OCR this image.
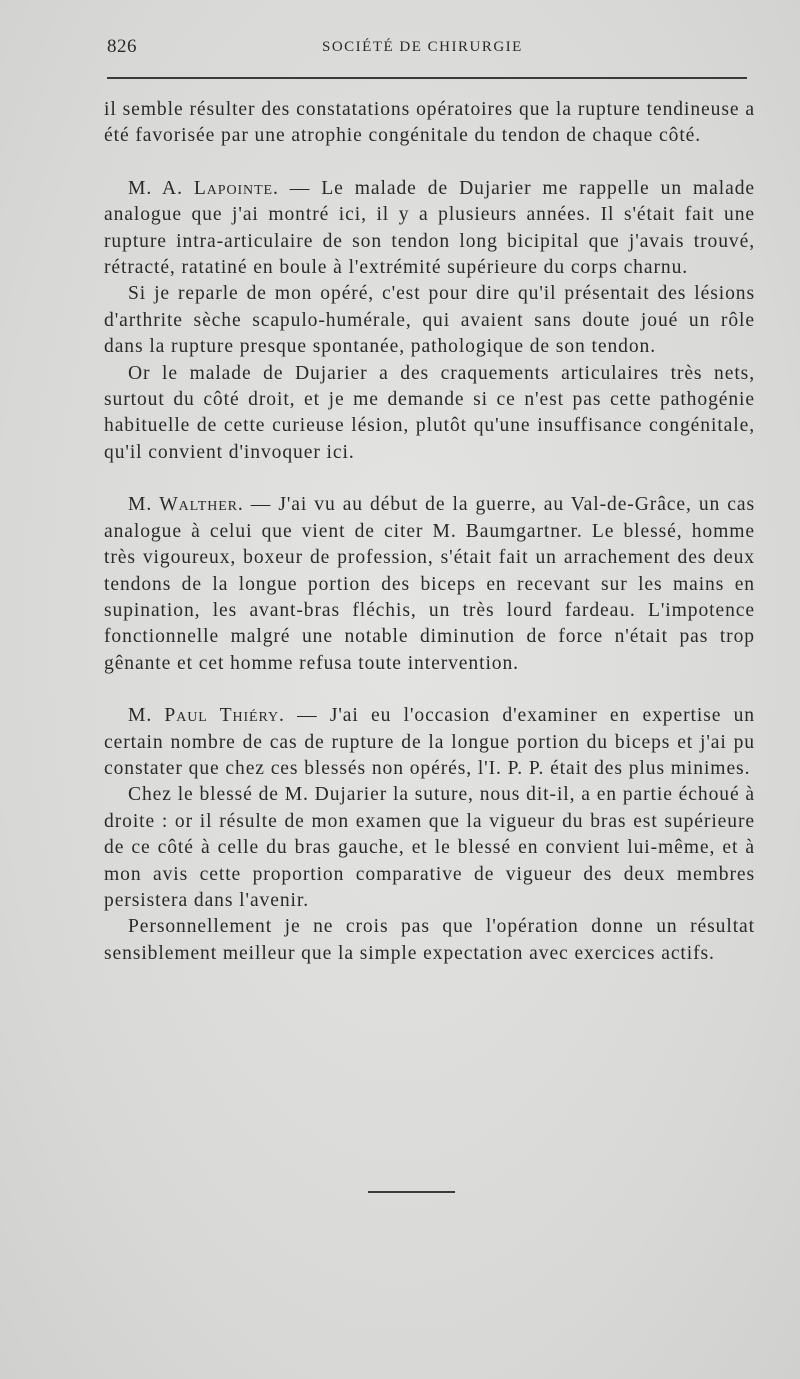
826	SOCIÉTÉ DE CHIRURGIE

il semble résulter des constatations opératoires que la rupture tendineuse a été favorisée par une atrophie congénitale du tendon de chaque côté.

M. A. Lapointe. — Le malade de Dujarier me rappelle un malade analogue que j'ai montré ici, il y a plusieurs années. Il s'était fait une rupture intra-articulaire de son tendon long bicipital que j'avais trouvé, rétracté, ratatiné en boule à l'extrémité supérieure du corps charnu.

Si je reparle de mon opéré, c'est pour dire qu'il présentait des lésions d'arthrite sèche scapulo-humérale, qui avaient sans doute joué un rôle dans la rupture presque spontanée, pathologique de son tendon.

Or le malade de Dujarier a des craquements articulaires très nets, surtout du côté droit, et je me demande si ce n'est pas cette pathogénie habituelle de cette curieuse lésion, plutôt qu'une insuffisance congénitale, qu'il convient d'invoquer ici.

M. Walther. — J'ai vu au début de la guerre, au Val-de-Grâce, un cas analogue à celui que vient de citer M. Baumgartner. Le blessé, homme très vigoureux, boxeur de profession, s'était fait un arrachement des deux tendons de la longue portion des biceps en recevant sur les mains en supination, les avant-bras fléchis, un très lourd fardeau. L'impotence fonctionnelle malgré une notable diminution de force n'était pas trop gênante et cet homme refusa toute intervention.

M. Paul Thiéry. — J'ai eu l'occasion d'examiner en expertise un certain nombre de cas de rupture de la longue portion du biceps et j'ai pu constater que chez ces blessés non opérés, l'I. P. P. était des plus minimes.

Chez le blessé de M. Dujarier la suture, nous dit-il, a en partie échoué à droite : or il résulte de mon examen que la vigueur du bras est supérieure de ce côté à celle du bras gauche, et le blessé en convient lui-même, et à mon avis cette proportion comparative de vigueur des deux membres persistera dans l'avenir.

Personnellement je ne crois pas que l'opération donne un résultat sensiblement meilleur que la simple expectation avec exercices actifs.
